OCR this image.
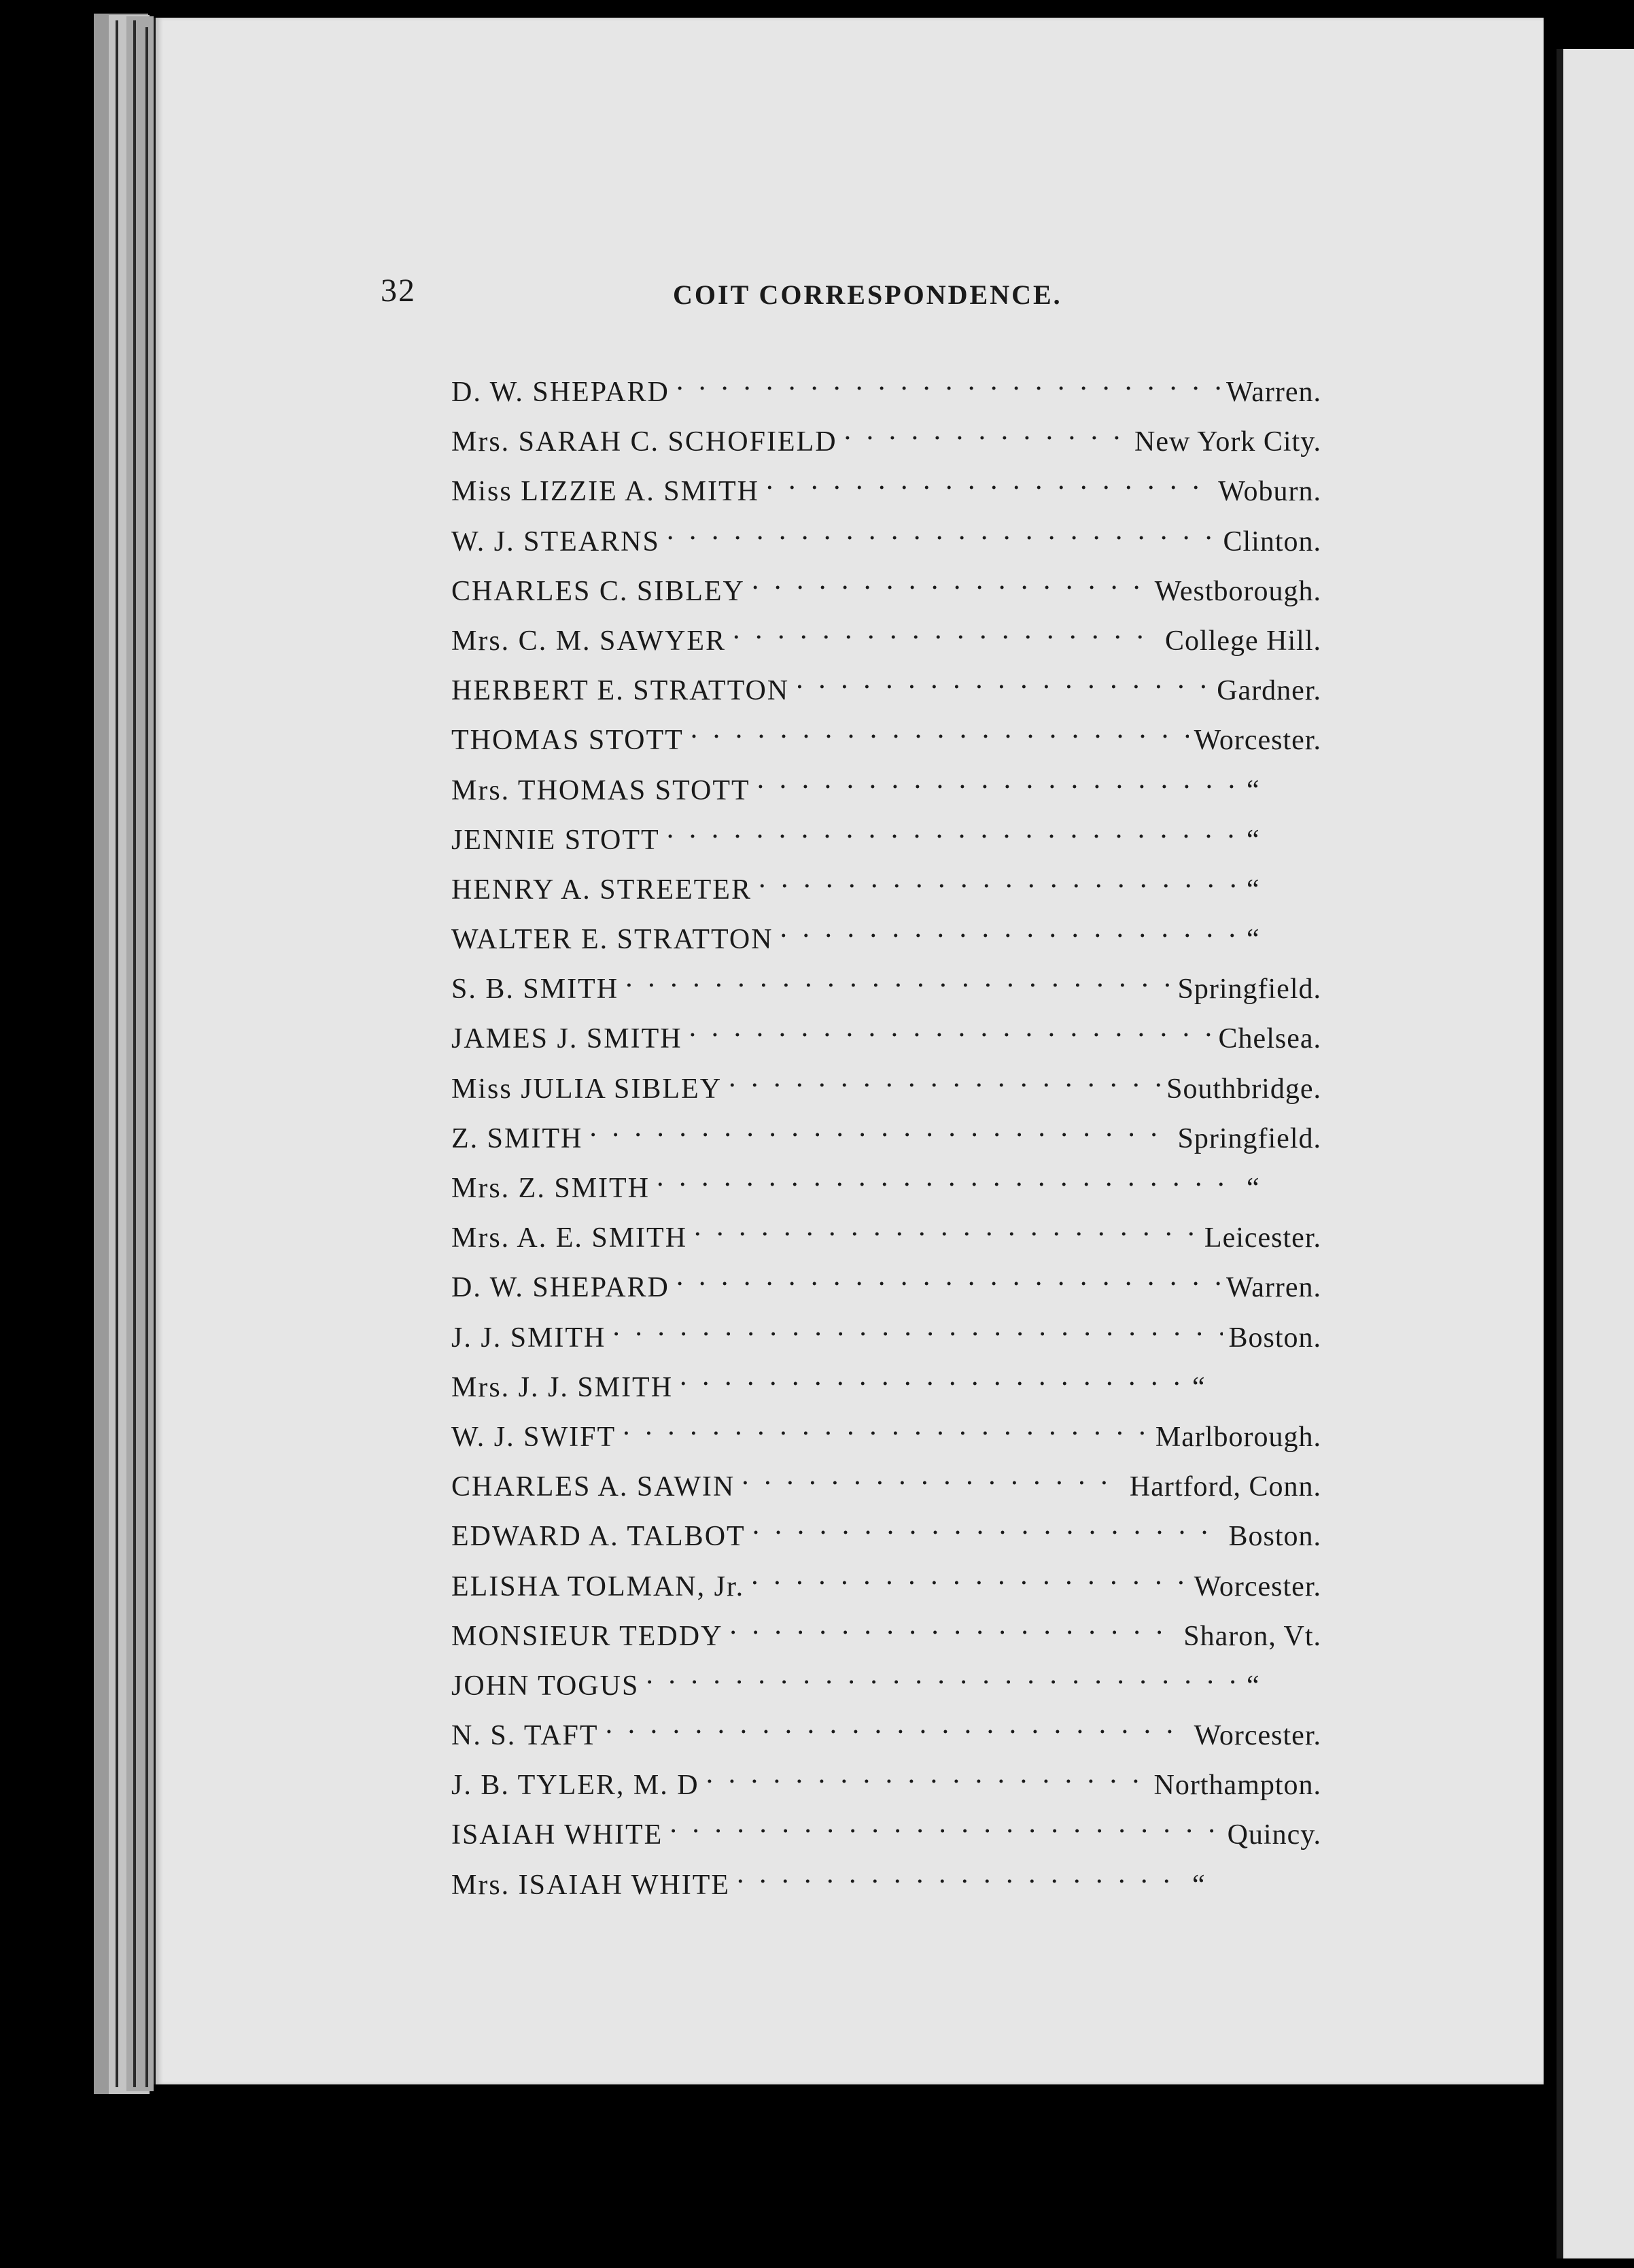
32	COIT CORRESPONDENCE.
D. W. SHEPARD . . .	Warren.
Mrs. SARAH C. SCHOFIELD . . .	New York City.
Miss LIZZIE A. SMITH . . .	Woburn.
W. J. STEARNS . . .	Clinton.
CHARLES C. SIBLEY . . .	Westborough.
Mrs. C. M. SAWYER . . .	College Hill.
HERBERT E. STRATTON . . .	Gardner.
THOMAS STOTT . . .	Worcester.
Mrs. THOMAS STOTT . . .	“
JENNIE STOTT . . .	“
HENRY A. STREETER . . .	“
WALTER E. STRATTON . . .	“
S. B. SMITH . . .	Springfield.
JAMES J. SMITH . . .	Chelsea.
Miss JULIA SIBLEY . . .	Southbridge.
Z. SMITH . . .	Springfield.
Mrs. Z. SMITH . . .	“
Mrs. A. E. SMITH . . .	Leicester.
D. W. SHEPARD . . .	Warren.
J. J. SMITH . . .	Boston.
Mrs. J. J. SMITH . . .	“
W. J. SWIFT . . .	Marlborough.
CHARLES A. SAWIN . . .	Hartford, Conn.
EDWARD A. TALBOT . . .	Boston.
ELISHA TOLMAN, Jr. . . .	Worcester.
MONSIEUR TEDDY . . .	Sharon, Vt.
JOHN TOGUS . . .	“
N. S. TAFT . . .	Worcester.
J. B. TYLER, M. D . . .	Northampton.
ISAIAH WHITE . . .	Quincy.
Mrs. ISAIAH WHITE . . .	“
